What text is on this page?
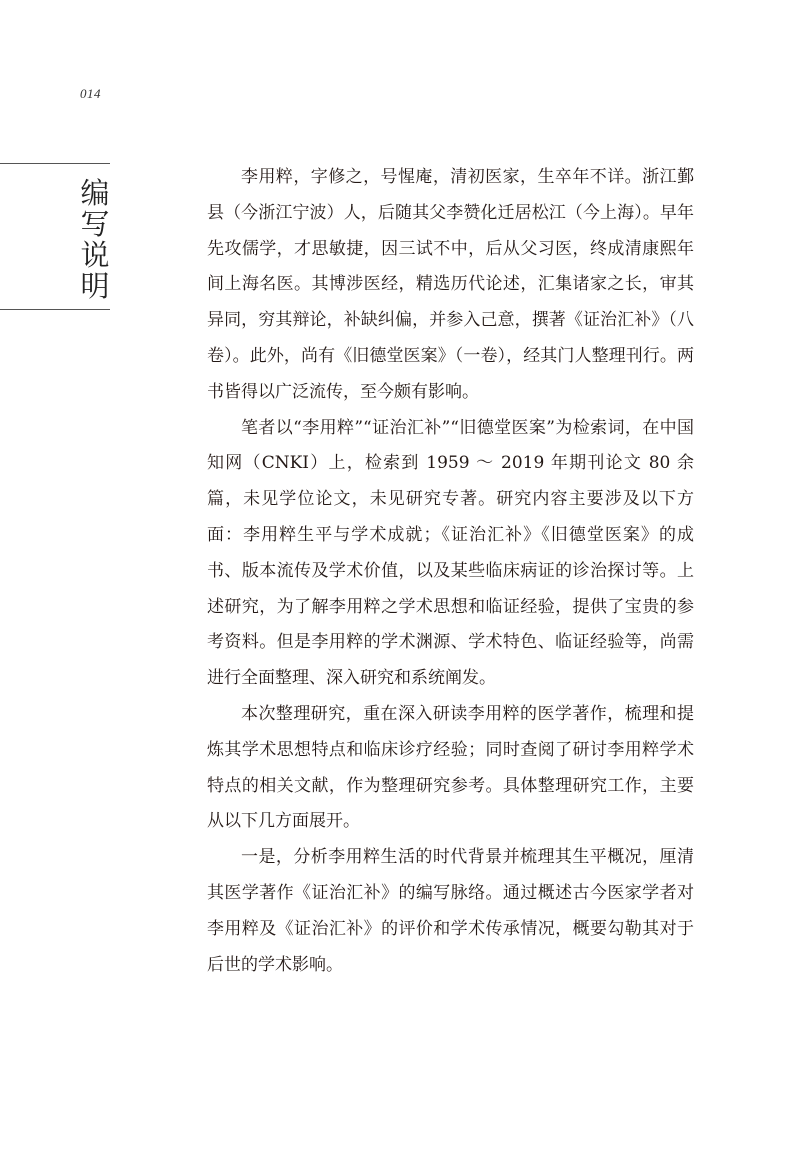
014
编
写
说
明

李用粹，字修之，号惺庵，清初医家，生卒年不详。浙江鄞县（今浙江宁波）人，后随其父李赞化迁居松江（今上海）。早年先攻儒学，才思敏捷，因三试不中，后从父习医，终成清康熙年间上海名医。其博涉医经，精选历代论述，汇集诸家之长，审其异同，穷其辩论，补缺纠偏，并参入己意，撰著《证治汇补》（八卷）。此外，尚有《旧德堂医案》（一卷），经其门人整理刊行。两书皆得以广泛流传，至今颇有影响。

笔者以“李用粹”“证治汇补”“旧德堂医案”为检索词，在中国知网（CNKI）上，检索到 1959 ～ 2019 年期刊论文 80 余篇，未见学位论文，未见研究专著。研究内容主要涉及以下方面：李用粹生平与学术成就；《证治汇补》《旧德堂医案》的成书、版本流传及学术价值，以及某些临床病证的诊治探讨等。上述研究，为了解李用粹之学术思想和临证经验，提供了宝贵的参考资料。但是李用粹的学术渊源、学术特色、临证经验等，尚需进行全面整理、深入研究和系统阐发。

本次整理研究，重在深入研读李用粹的医学著作，梳理和提炼其学术思想特点和临床诊疗经验；同时查阅了研讨李用粹学术特点的相关文献，作为整理研究参考。具体整理研究工作，主要从以下几方面展开。

一是，分析李用粹生活的时代背景并梳理其生平概况，厘清其医学著作《证治汇补》的编写脉络。通过概述古今医家学者对李用粹及《证治汇补》的评价和学术传承情况，概要勾勒其对于后世的学术影响。
